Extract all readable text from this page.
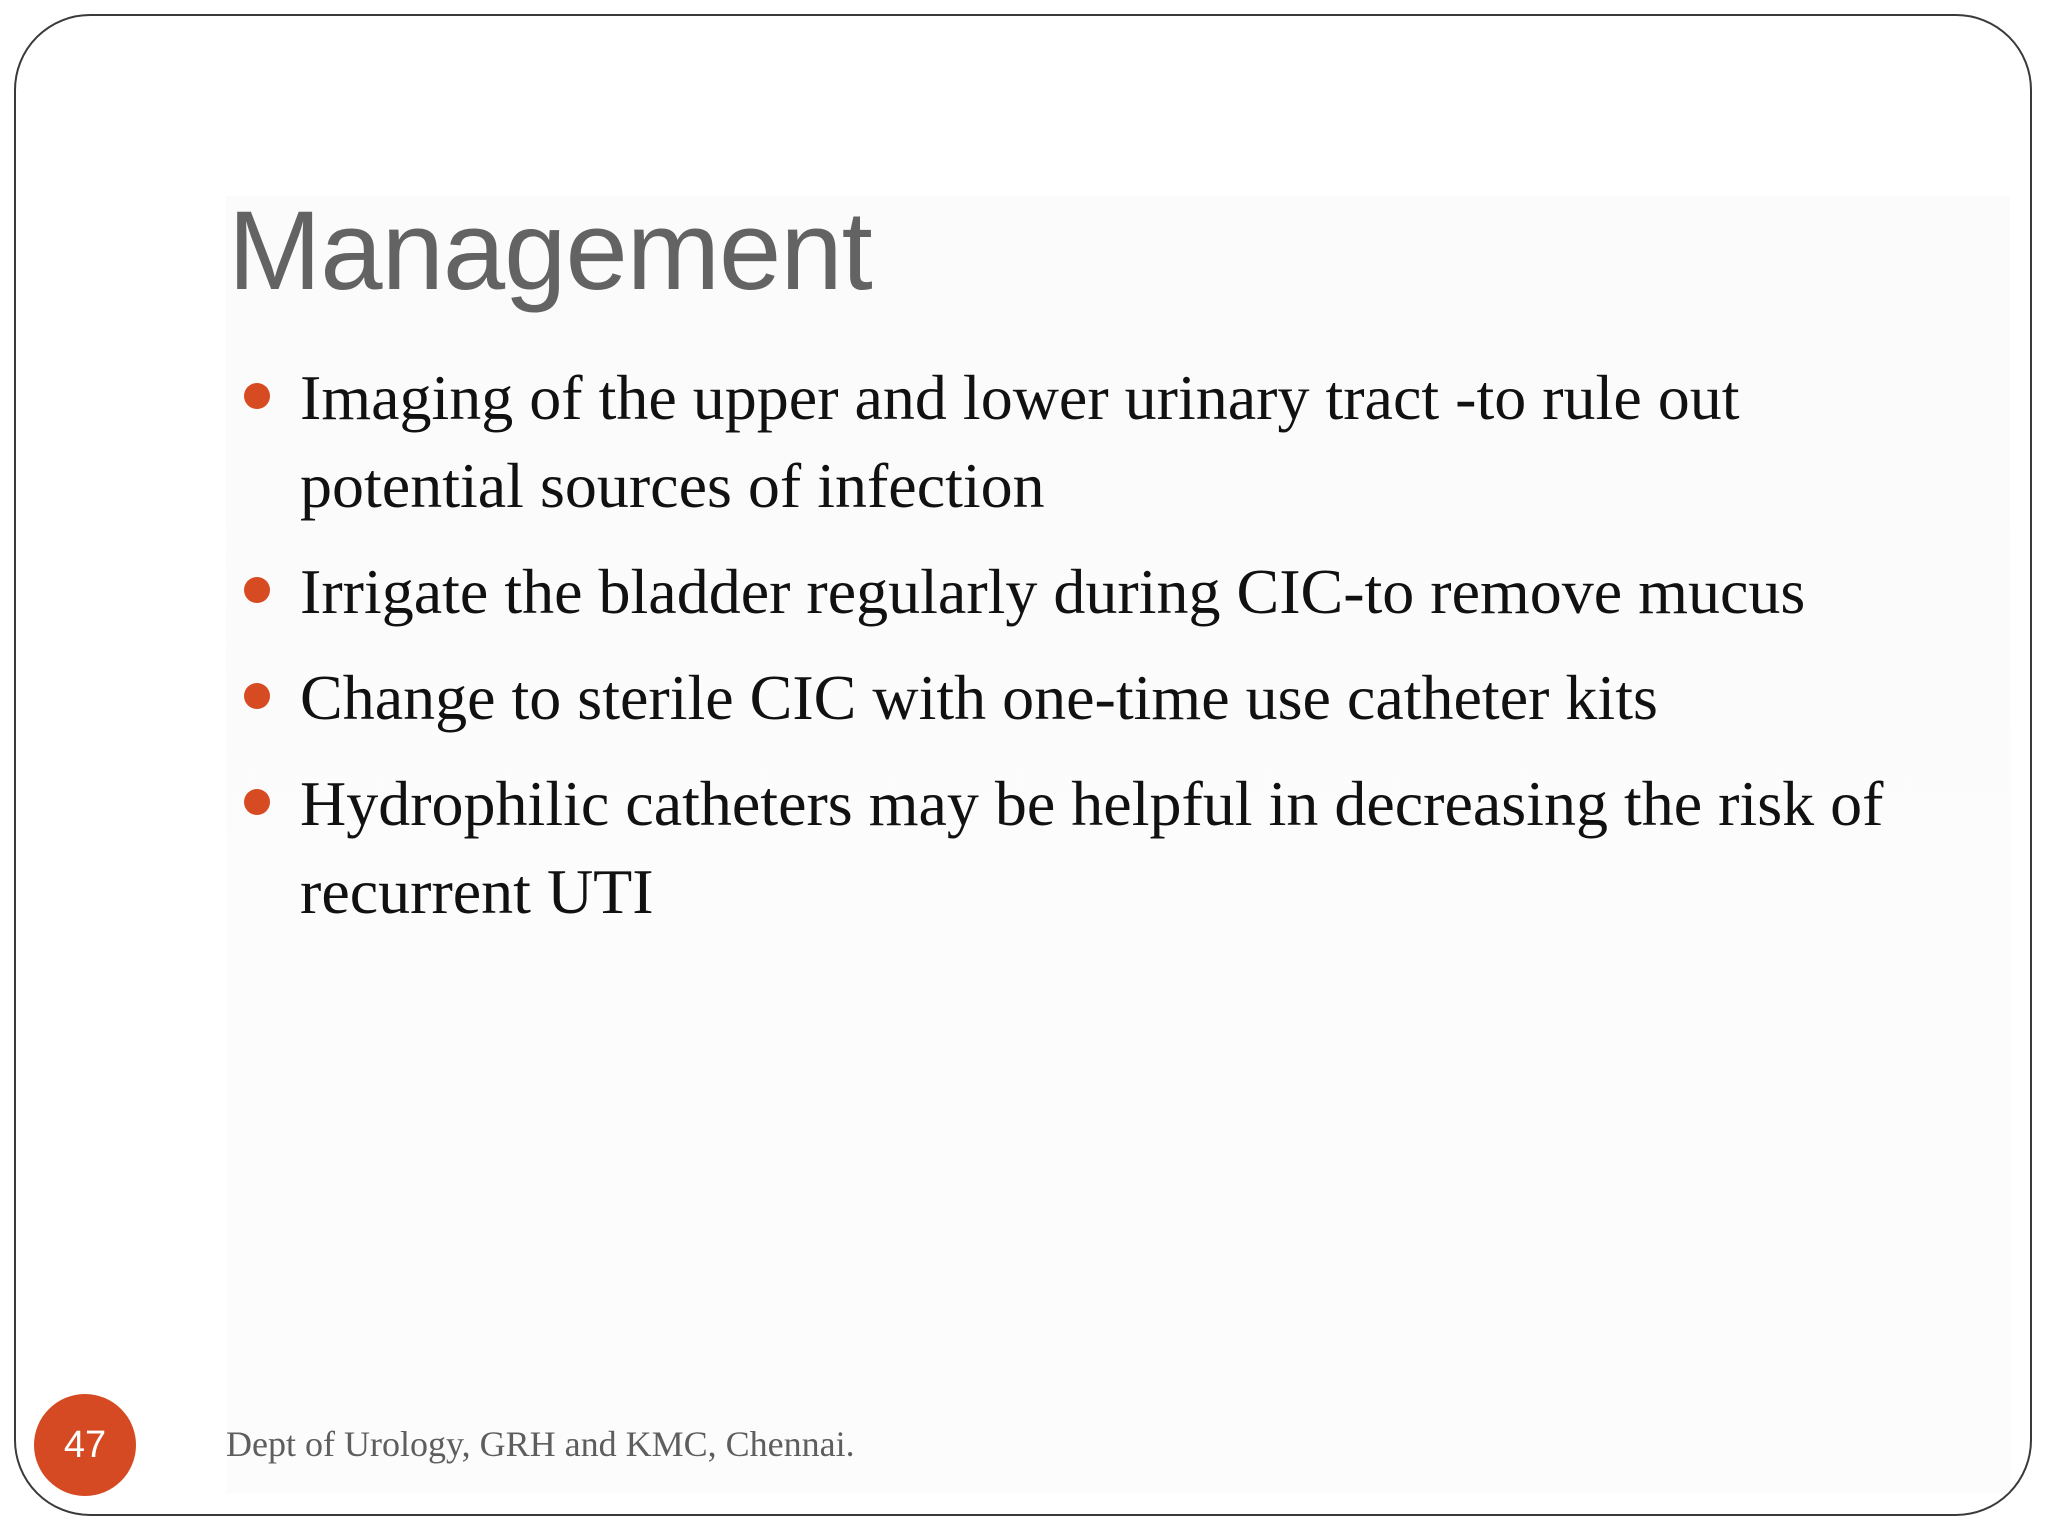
Management
Imaging of the upper and lower urinary tract -to rule out
potential sources of infection
Irrigate the bladder regularly during CIC-to remove mucus
Change to sterile CIC with one-time use catheter kits
Hydrophilic catheters may be helpful in decreasing the risk of
recurrent UTI
47	Dept of Urology, GRH and KMC, Chennai.
